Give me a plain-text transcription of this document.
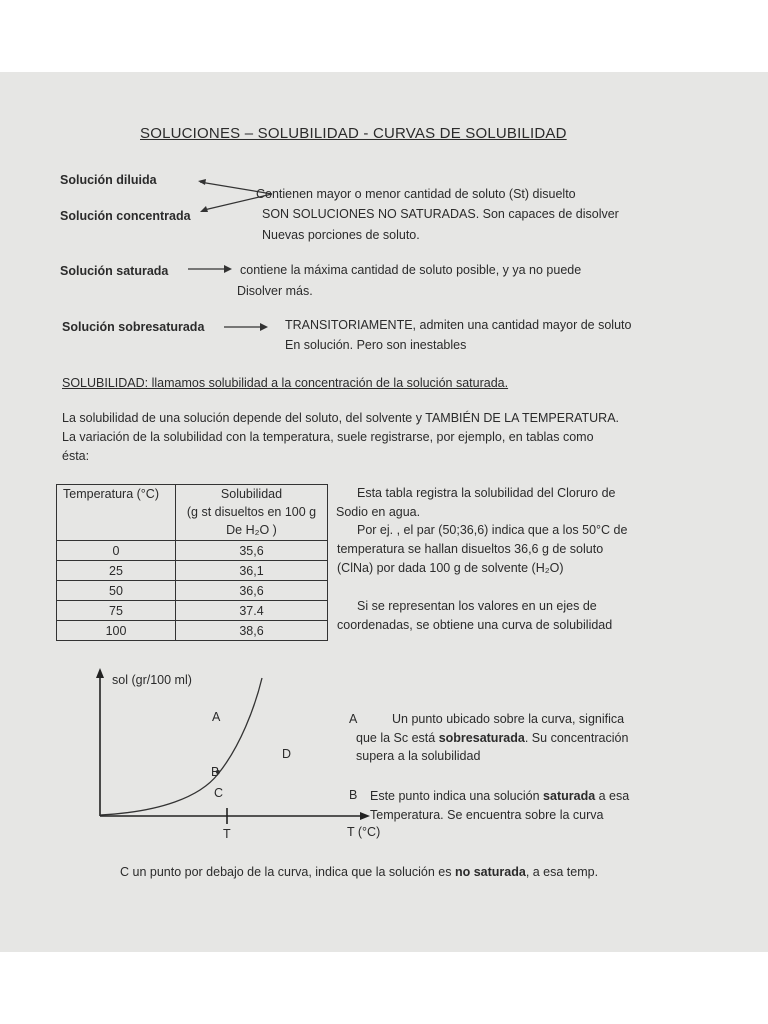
SOLUCIONES – SOLUBILIDAD - CURVAS DE SOLUBILIDAD
Solución diluida
Solución concentrada
Contienen mayor o menor cantidad de soluto (St) disuelto
SON SOLUCIONES NO SATURADAS. Son capaces de disolver
Nuevas porciones de soluto.
Solución saturada	contiene la máxima cantidad de soluto posible, y ya no puede
Disolver más.
Solución sobresaturada	TRANSITORIAMENTE, admiten una cantidad mayor de soluto
En solución. Pero son inestables
SOLUBILIDAD: llamamos solubilidad a la concentración de la solución saturada.
La solubilidad de una solución depende del soluto, del solvente y TAMBIÉN DE LA TEMPERATURA.
La variación de la solubilidad con la temperatura, suele registrarse, por ejemplo, en tablas como
ésta:
Temperatura (°C)	Solubilidad
(g st disueltos en 100 g
De H₂O )

0	35,6
25	36,1
50	36,6
75	37.4
100	38,6
Esta tabla registra la solubilidad del Cloruro de
Sodio en agua.
Por ej. , el par (50;36,6) indica que a los 50°C de
temperatura se hallan disueltos 36,6 g de soluto
(ClNa) por dada 100 g de solvente (H₂O)
Si se representan los valores en un ejes de
coordenadas, se obtiene una curva de solubilidad
sol (gr/100 ml)
A
D
B
C
T	T (°C)
A	Un punto ubicado sobre la curva, significa
que la Sc está sobresaturada. Su concentración
supera a la solubilidad
B Este punto indica una solución saturada a esa
Temperatura. Se encuentra sobre la curva
C un punto por debajo de la curva, indica que la solución es no saturada, a esa temp.
